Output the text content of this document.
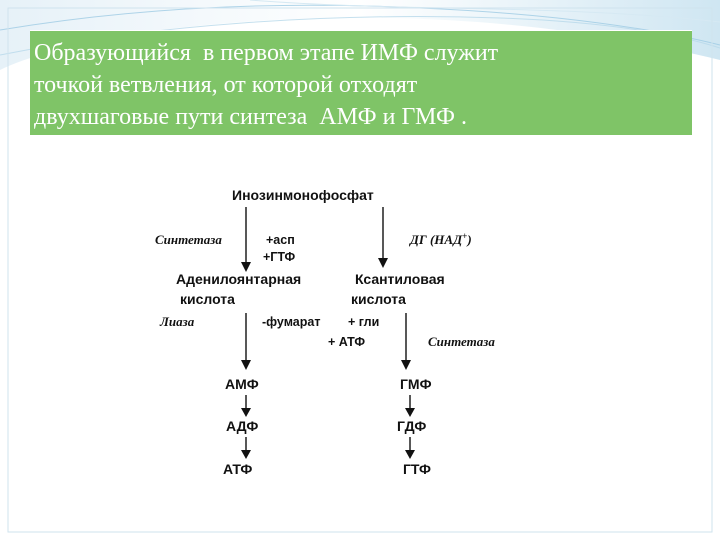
Образующийся  в первом этапе ИМФ служит
точкой ветвления, от которой отходят
двухшаговые пути синтеза  АМФ и ГМФ .
Инозинмонофосфат
Синтетаза	+асп
+ГТФ
ДГ (НАД+)
Аденилоянтарная
кислота
Ксантиловая
кислота
Лиаза	-фумарат + гли
+ АТФ	Синтетаза
АМФ
АДФ
АТФ
ГМФ
ГДФ
ГТФ
